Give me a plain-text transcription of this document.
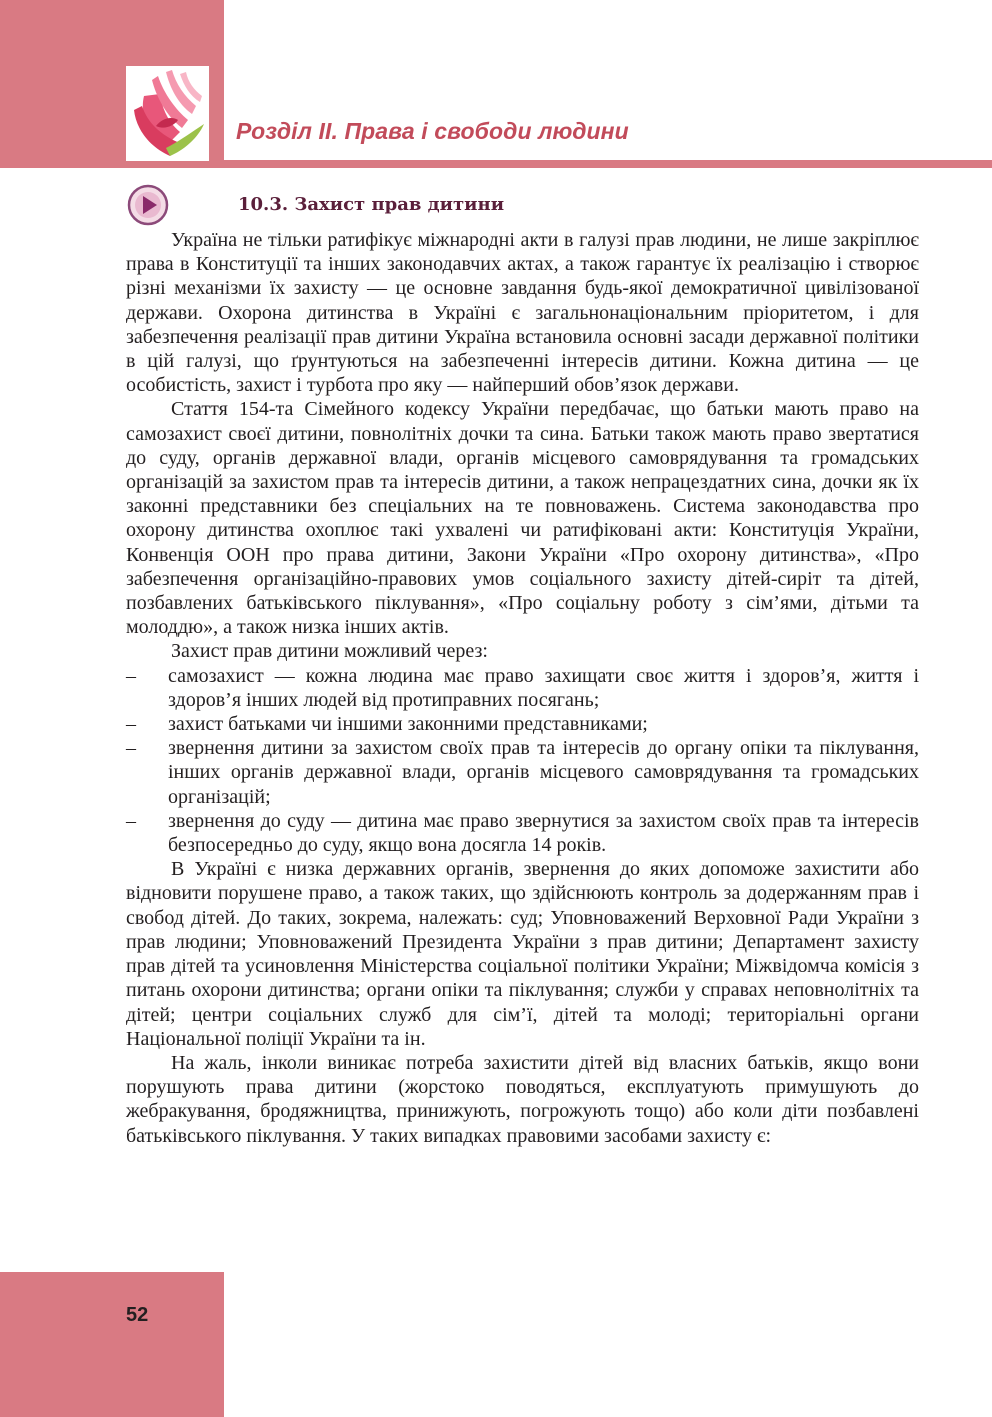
Розділ II. Права і свободи людини
10.3. Захист прав дитини

Україна не тільки ратифікує міжнародні акти в галузі прав людини, не лише закріплює права в Конституції та інших законодавчих актах, а також гарантує їх реалізацію і створює різні механізми їх захисту — це основне завдання будь-якої демократичної цивілізованої держави. Охорона дитинства в Україні є загальнонаціональним пріоритетом, і для забезпечення реалізації прав дитини Україна встановила основні засади державної політики в цій галузі, що ґрунтуються на забезпеченні інтересів дитини. Кожна дитина — це особистість, захист і турбота про яку — найперший обов’язок держави.

Стаття 154-та Сімейного кодексу України передбачає, що батьки мають право на самозахист своєї дитини, повнолітніх дочки та сина. Батьки також мають право звертатися до суду, органів державної влади, органів місцевого самоврядування та громадських організацій за захистом прав та інтересів дитини, а також непрацездатних сина, дочки як їх законні представники без спеціальних на те повноважень. Система законодавства про охорону дитинства охоплює такі ухвалені чи ратифіковані акти: Конституція України, Конвенція ООН про права дитини, Закони України «Про охорону дитинства», «Про забезпечення організаційно-правових умов соціального захисту дітей-сиріт та дітей, позбавлених батьківського піклування», «Про соціальну роботу з сім’ями, дітьми та молоддю», а також низка інших актів.

Захист прав дитини можливий через:

– самозахист — кожна людина має право захищати своє життя і здоров’я, життя і здоров’я інших людей від протиправних посягань;
– захист батьками чи іншими законними представниками;
– звернення дитини за захистом своїх прав та інтересів до органу опіки та піклування, інших органів державної влади, органів місцевого самоврядування та громадських організацій;
– звернення до суду — дитина має право звернутися за захистом своїх прав та інтересів безпосередньо до суду, якщо вона досягла 14 років.

В Україні є низка державних органів, звернення до яких допоможе захистити або відновити порушене право, а також таких, що здійснюють контроль за додержанням прав і свобод дітей. До таких, зокрема, належать: суд; Уповноважений Верховної Ради України з прав людини; Уповноважений Президента України з прав дитини; Департамент захисту прав дітей та усиновлення Міністерства соціальної політики України; Міжвідомча комісія з питань охорони дитинства; органи опіки та піклування; служби у справах неповнолітніх та дітей; центри соціальних служб для сім’ї, дітей та молоді; територіальні органи Національної поліції України та ін.

На жаль, інколи виникає потреба захистити дітей від власних батьків, якщо вони порушують права дитини (жорстоко поводяться, експлуатують примушують до жебракування, бродяжництва, принижують, погрожують тощо) або коли діти позбавлені батьківського піклування. У таких випадках правовими засобами захисту є:

52
